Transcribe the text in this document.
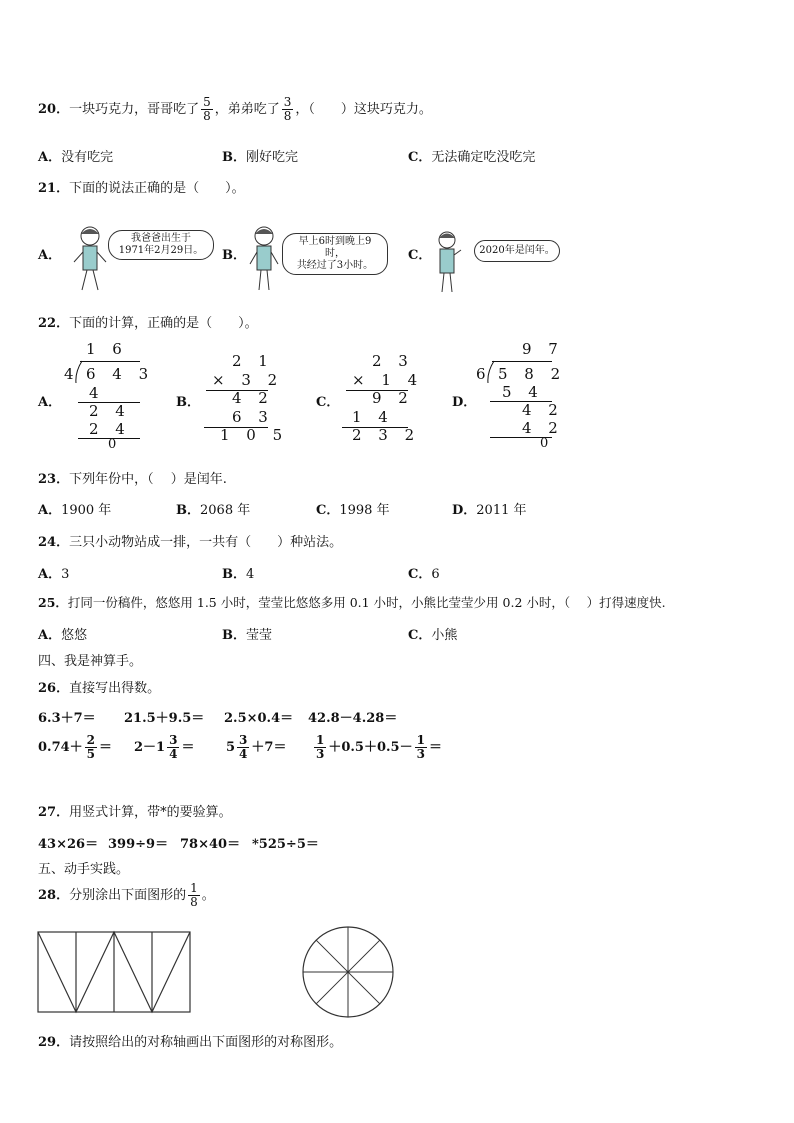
20．一块巧克力，哥哥吃了 $\frac{5}{8}$ ，弟弟吃了 $\frac{3}{8}$ ，（　　）这块巧克力。
A．没有吃完	B．刚好吃完	C．无法确定吃没吃完
21．下面的说法正确的是（　　）。
A．
我爸爸出生于
1971年2月29日。 B．
早上6时到晚上9时，
共经过了3小时。
C．	2020年是闰年。
22．下面的计算，正确的是（　　）。
A．
1 6
4 6 4 3
4
2 4
2 4
0
B．
2 1
× 3 2
4 2
6 3
1 0 5
C．
2 3
× 1 4
9 2
1 4
2 3 2
D．
9 7
6 5 8 2
5 4
4 2
4 2
0
23．下列年份中，（　 ）是闰年.
A．1900 年	B．2068 年	C．1998 年	D．2011 年
24．三只小动物站成一排，一共有（　　）种站法。
A．3	B．4	C．6
25．打同一份稿件，悠悠用 1.5 小时，莹莹比悠悠多用 0.1 小时，小熊比莹莹少用 0.2 小时，（　 ）打得速度快.
A．悠悠	B．莹莹	C．小熊
四、我是神算手。
26．直接写出得数。
6.3＋7＝ 21.5＋9.5＝ 2.5×0.4＝ 42.8－4.28＝
$0.74+ \frac{2}{5} = 2-1 \frac{3}{4} = 5 \frac{3}{4} +7= \frac{1}{3} +0.5+0.5- \frac{1}{3}$ ＝
27．用竖式计算，带*的要验算。
43×26＝ 399÷9＝ 78×40＝ *525÷5＝
五、动手实践。
28．分别涂出下面图形的 $\frac{1}{8}$ 。
29．请按照给出的对称轴画出下面图形的对称图形。
